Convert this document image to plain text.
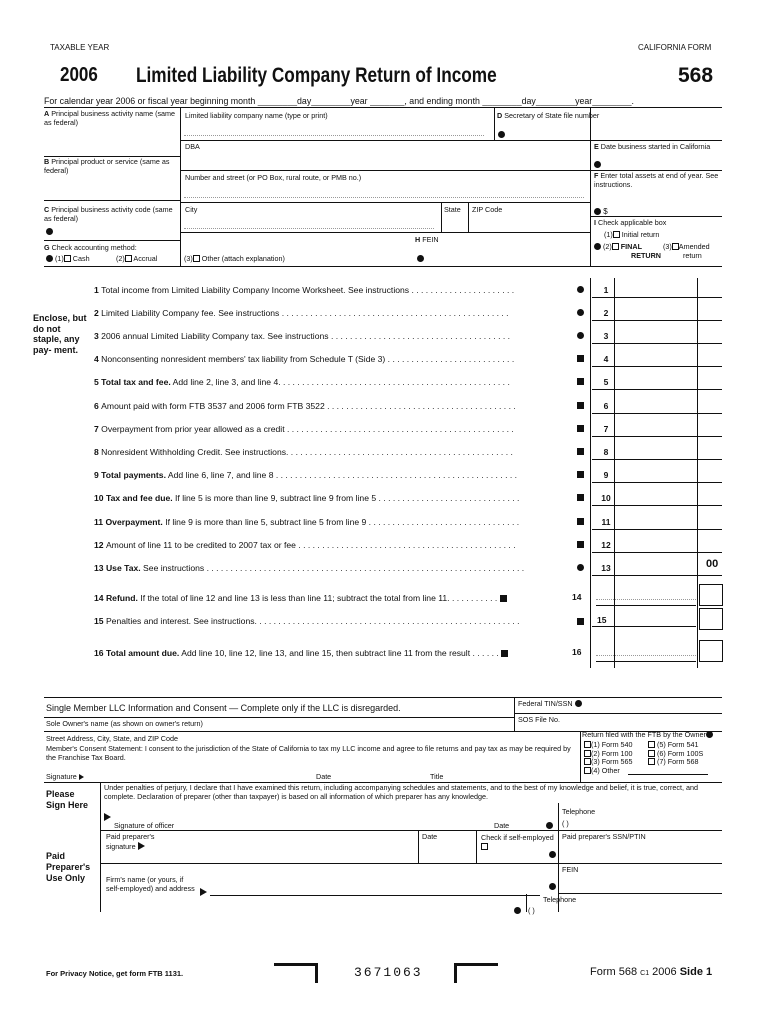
TAXABLE YEAR	CALIFORNIA FORM
2006 Limited Liability Company Return of Income	568
For calendar year 2006 or fiscal year beginning month ________day________year _______, and ending month ________day________year________.
A Principal business activity name (same as federal)
Limited liability company name (type or print)	D Secretary of State file number
DBA	E Date business started in California
B Principal product or service (same as federal)
Number and street (or PO Box, rural route, or PMB no.)	F Enter total assets at end of year. See instructions.
C Principal business activity code (same as federal)
City	State ZIP Code	$
I Check applicable box
(1) Initial return
(2) FINAL
RETURN
(3) Amended
return
H FEIN
G Check accounting method:
(1) Cash	(2) Accrual	(3) Other (attach explanation)
Enclose, but do not staple, any pay- ment.
1 Total income from Limited Liability Company Income Worksheet. See instructions . . . . . . . . . . . . . . . . . . . . . .	1
2 Limited Liability Company fee. See instructions . . . . . . . . . . . . . . . . . . . . . . . . . . . . . . . . . . . . . . . . . . . . . . . .	2
3 2006 annual Limited Liability Company tax. See instructions . . . . . . . . . . . . . . . . . . . . . . . . . . . . . . . . . . . . . .	3
4 Nonconsenting nonresident members' tax liability from Schedule T (Side 3) . . . . . . . . . . . . . . . . . . . . . . . . . . .	4
5 Total tax and fee. Add line 2, line 3, and line 4. . . . . . . . . . . . . . . . . . . . . . . . . . . . . . . . . . . . . . . . . . . . . . . . .	5
6 Amount paid with form FTB 3537 and 2006 form FTB 3522 . . . . . . . . . . . . . . . . . . . . . . . . . . . . . . . . . . . . . . . .	6
7 Overpayment from prior year allowed as a credit . . . . . . . . . . . . . . . . . . . . . . . . . . . . . . . . . . . . . . . . . . . . . . . .	7
8 Nonresident Withholding Credit. See instructions. . . . . . . . . . . . . . . . . . . . . . . . . . . . . . . . . . . . . . . . . . . . . . . .	8
9 Total payments. Add line 6, line 7, and line 8 . . . . . . . . . . . . . . . . . . . . . . . . . . . . . . . . . . . . . . . . . . . . . . . . . . .	9
10 Tax and fee due. If line 5 is more than line 9, subtract line 9 from line 5 . . . . . . . . . . . . . . . . . . . . . . . . . . . . . .	10
11 Overpayment. If line 9 is more than line 5, subtract line 5 from line 9 . . . . . . . . . . . . . . . . . . . . . . . . . . . . . . . .	11
12 Amount of line 11 to be credited to 2007 tax or fee . . . . . . . . . . . . . . . . . . . . . . . . . . . . . . . . . . . . . . . . . . . . . .	12
13 Use Tax. See instructions . . . . . . . . . . . . . . . . . . . . . . . . . . . . . . . . . . . . . . . . . . . . . . . . . . . . . . . . . . . . . . . . . . .	13	00
14 Refund. If the total of line 12 and line 13 is less than line 11; subtract the total from line 11. . . . . . . . . . .	14
15 Penalties and interest. See instructions. . . . . . . . . . . . . . . . . . . . . . . . . . . . . . . . . . . . . . . . . . . . . . . . . . . . . . . .	15
16 Total amount due. Add line 10, line 12, line 13, and line 15, then subtract line 11 from the result . . . . . .	16
Single Member LLC Information and Consent — Complete only if the LLC is disregarded.	Federal TIN/SSN
SOS File No.
Sole Owner's name (as shown on owner's return)
Return filed with the FTB by the Owner
Street Address, City, State, and ZIP Code
Member's Consent Statement: I consent to the jurisdiction of the State of California to tax my LLC income and agree to file returns and pay tax as may be required by the Franchise Tax Board.
(1) Form 540	(5) Form 541
(2) Form 100	(6) Form 100S
(3) Form 565	(7) Form 568
(4) Other
Signature	Date	Title
Please Sign Here
Under penalties of perjury, I declare that I have examined this return, including accompanying schedules and statements, and to the best of my knowledge and belief, it is true, correct, and complete. Declaration of preparer (other than taxpayer) is based on all information of which preparer has any knowledge.
Telephone
Signature of officer	Date	( )
Paid Preparer's Use Only
Paid preparer's signature
Date	Check if self-employed	Paid preparer's SSN/PTIN
Firm's name (or yours, if self-employed) and address
FEIN
Telephone
( )
For Privacy Notice, get form FTB 1131.	3671063	Form 568 C1 2006 Side 1
